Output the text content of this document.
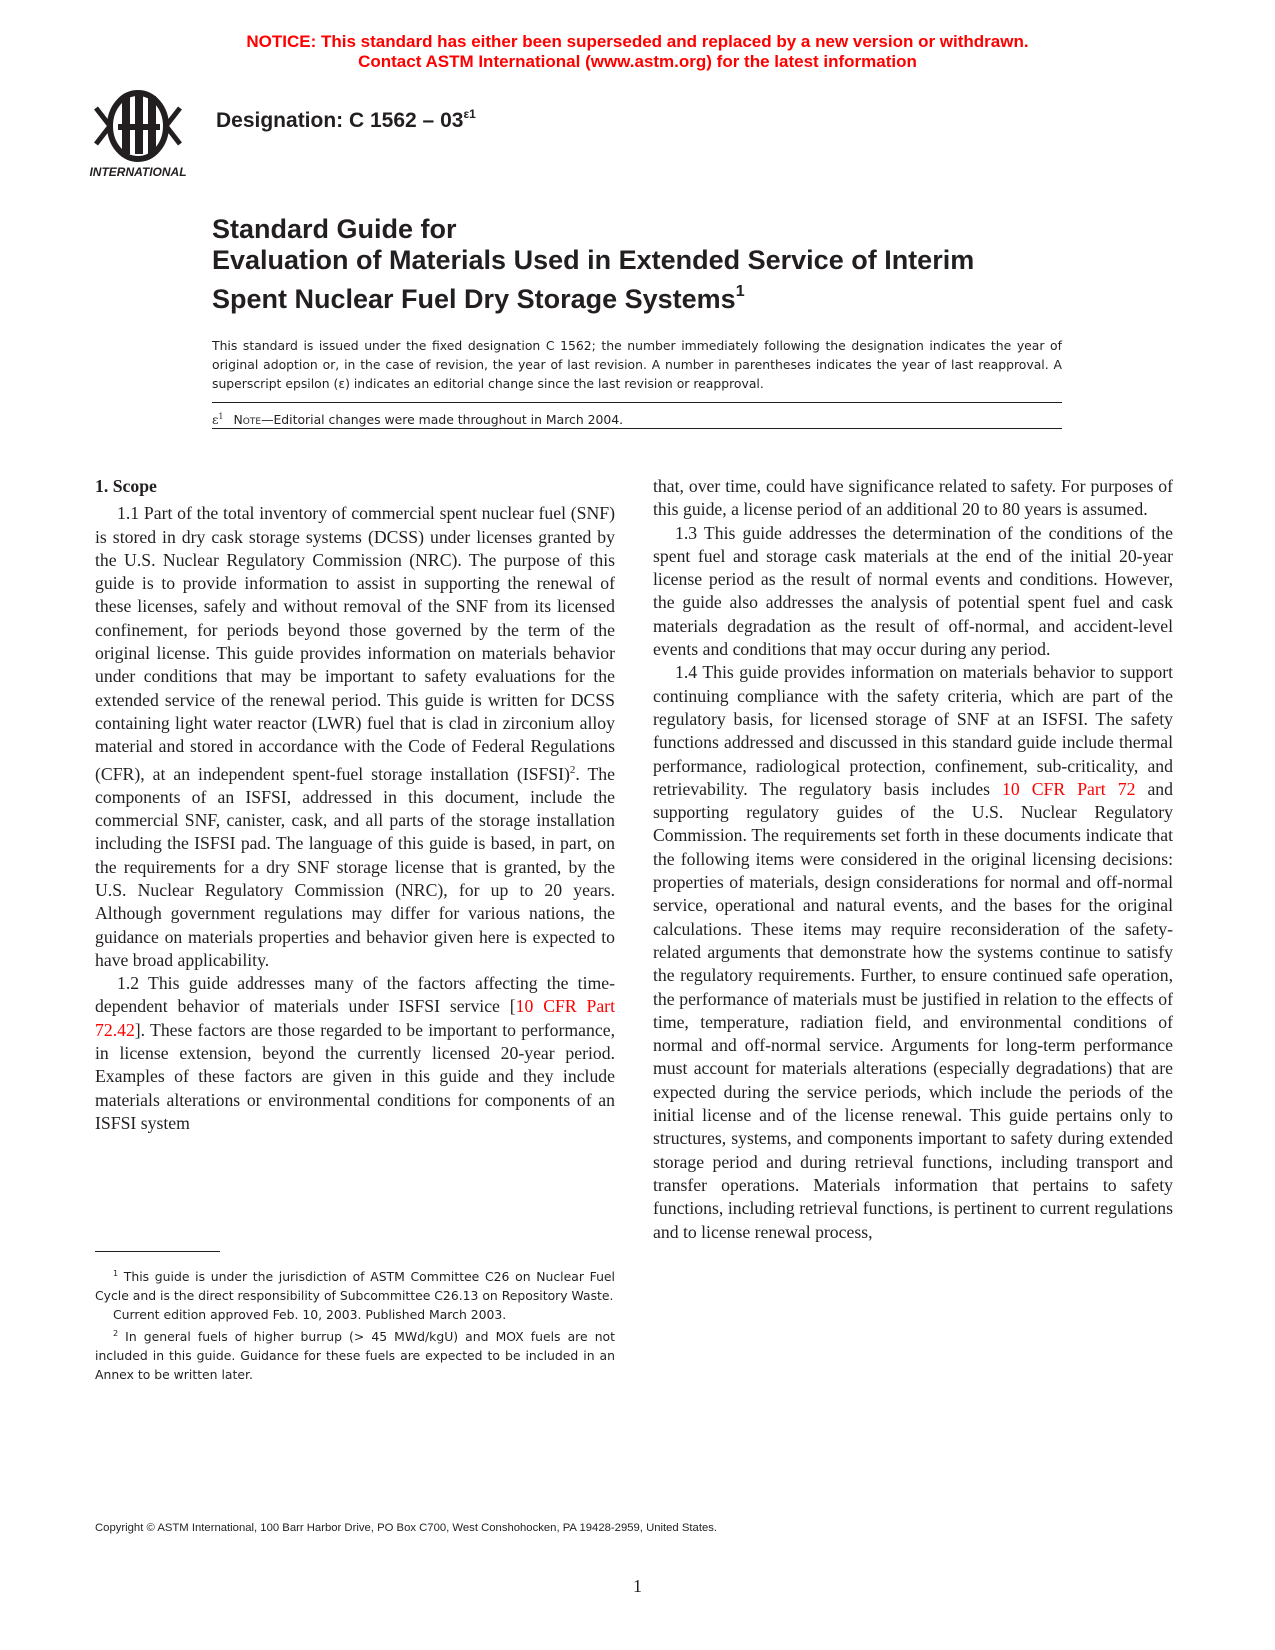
NOTICE: This standard has either been superseded and replaced by a new version or withdrawn.
Contact ASTM International (www.astm.org) for the latest information
INTERNATIONAL
Designation: C $1562 - 03^{\varepsilon 1}$
Standard Guide for
Evaluation of Materials Used in Extended Service of Interim
Spent Nuclear Fuel Dry Storage Systems$^1$
This standard is issued under the fixed designation C 1562; the number immediately following the designation indicates the year of original adoption or, in the case of revision, the year of last revision. A number in parentheses indicates the year of last reapproval. A superscript epsilon (ε) indicates an editorial change since the last revision or reapproval.
$\varepsilon^1$ Note—Editorial changes were made throughout in March 2004.
1. Scope

1.1 Part of the total inventory of commercial spent nuclear fuel (SNF) is stored in dry cask storage systems (DCSS) under licenses granted by the U.S. Nuclear Regulatory Commission (NRC). The purpose of this guide is to provide information to assist in supporting the renewal of these licenses, safely and without removal of the SNF from its licensed confinement, for periods beyond those governed by the term of the original license. This guide provides information on materials behavior under conditions that may be important to safety evaluations for the extended service of the renewal period. This guide is written for DCSS containing light water reactor (LWR) fuel that is clad in zirconium alloy material and stored in accordance with the Code of Federal Regulations (CFR), at an independent spent-fuel storage installation (ISFSI)$^2$. The components of an ISFSI, addressed in this document, include the commercial SNF, canister, cask, and all parts of the storage installation including the ISFSI pad. The language of this guide is based, in part, on the requirements for a dry SNF storage license that is granted, by the U.S. Nuclear Regulatory Commission (NRC), for up to 20 years. Although government regulations may differ for various nations, the guidance on materials properties and behavior given here is expected to have broad applicability.

1.2 This guide addresses many of the factors affecting the time-dependent behavior of materials under ISFSI service [10 CFR Part 72.42]. These factors are those regarded to be important to performance, in license extension, beyond the currently licensed 20-year period. Examples of these factors are given in this guide and they include materials alterations or environmental conditions for components of an ISFSI system

that, over time, could have significance related to safety. For purposes of this guide, a license period of an additional 20 to 80 years is assumed.

1.3 This guide addresses the determination of the conditions of the spent fuel and storage cask materials at the end of the initial 20-year license period as the result of normal events and conditions. However, the guide also addresses the analysis of potential spent fuel and cask materials degradation as the result of off-normal, and accident-level events and conditions that may occur during any period.

1.4 This guide provides information on materials behavior to support continuing compliance with the safety criteria, which are part of the regulatory basis, for licensed storage of SNF at an ISFSI. The safety functions addressed and discussed in this standard guide include thermal performance, radiological protection, confinement, sub-criticality, and retrievability. The regulatory basis includes 10 CFR Part 72 and supporting regulatory guides of the U.S. Nuclear Regulatory Commission. The requirements set forth in these documents indicate that the following items were considered in the original licensing decisions: properties of materials, design considerations for normal and off-normal service, operational and natural events, and the bases for the original calculations. These items may require reconsideration of the safety-related arguments that demonstrate how the systems continue to satisfy the regulatory requirements. Further, to ensure continued safe operation, the performance of materials must be justified in relation to the effects of time, temperature, radiation field, and environmental conditions of normal and off-normal service. Arguments for long-term performance must account for materials alterations (especially degradations) that are expected during the service periods, which include the periods of the initial license and of the license renewal. This guide pertains only to structures, systems, and components important to safety during extended storage period and during retrieval functions, including transport and transfer operations. Materials information that pertains to safety functions, including retrieval functions, is pertinent to current regulations and to license renewal process,

$^1$ This guide is under the jurisdiction of ASTM Committee C26 on Nuclear Fuel Cycle and is the direct responsibility of Subcommittee C26.13 on Repository Waste.

Current edition approved Feb. 10, 2003. Published March 2003.

$^2$ In general fuels of higher burrup (> 45 MWd/kgU) and MOX fuels are not included in this guide. Guidance for these fuels are expected to be included in an Annex to be written later.

Copyright © ASTM International, 100 Barr Harbor Drive, PO Box C700, West Conshohocken, PA 19428-2959, United States.
1
